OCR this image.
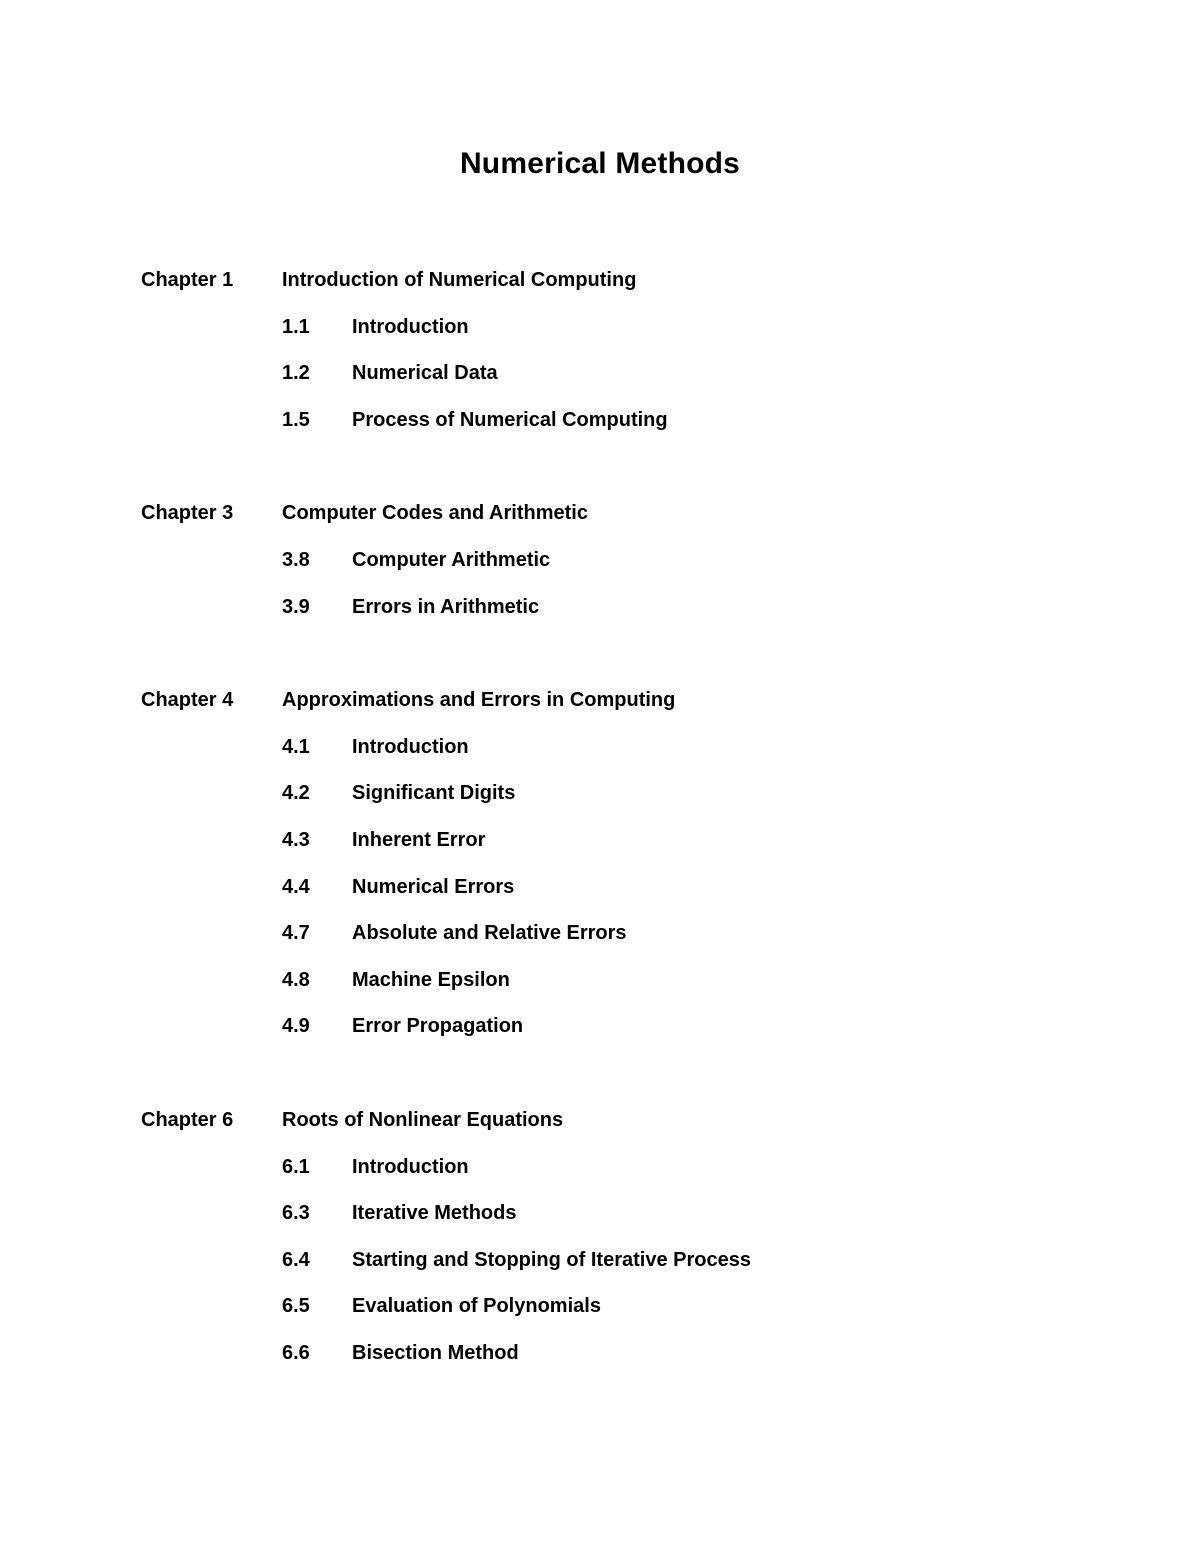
Numerical Methods
Chapter 1 Introduction of Numerical Computing
1.1 Introduction
1.2 Numerical Data
1.5 Process of Numerical Computing
Chapter 3 Computer Codes and Arithmetic
3.8 Computer Arithmetic
3.9 Errors in Arithmetic
Chapter 4 Approximations and Errors in Computing
4.1 Introduction
4.2 Significant Digits
4.3 Inherent Error
4.4 Numerical Errors
4.7 Absolute and Relative Errors
4.8 Machine Epsilon
4.9 Error Propagation
Chapter 6 Roots of Nonlinear Equations
6.1 Introduction
6.3 Iterative Methods
6.4 Starting and Stopping of Iterative Process
6.5 Evaluation of Polynomials
6.6 Bisection Method
